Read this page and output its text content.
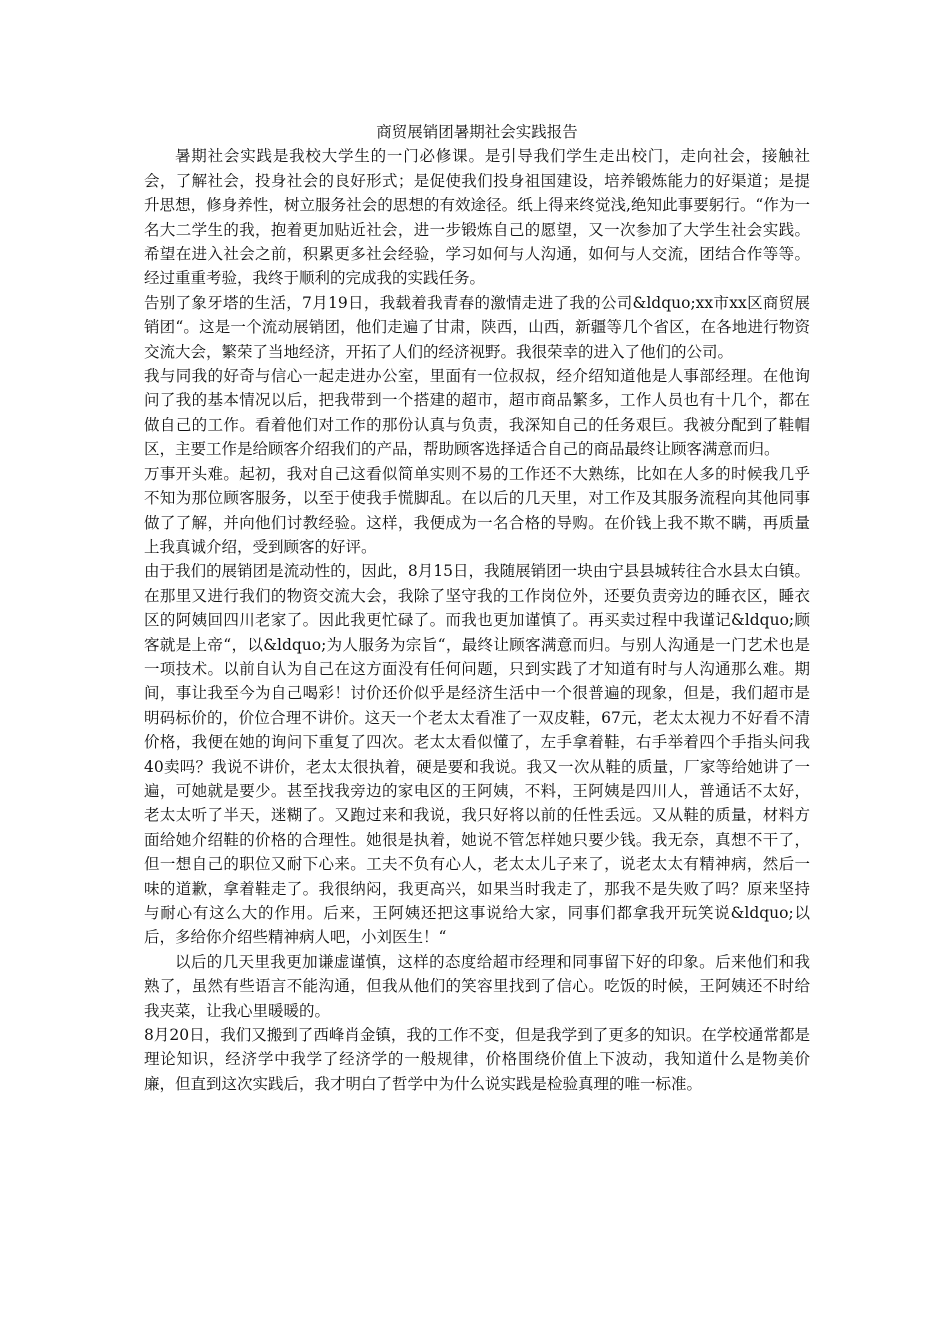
商贸展销团暑期社会实践报告

暑期社会实践是我校大学生的一门必修课。是引导我们学生走出校门，走向社会，接触社会，了解社会，投身社会的良好形式；是促使我们投身祖国建设，培养锻炼能力的好渠道；是提升思想，修身养性，树立服务社会的思想的有效途径。纸上得来终觉浅,绝知此事要躬行。“作为一名大二学生的我，抱着更加贴近社会，进一步锻炼自己的愿望，又一次参加了大学生社会实践。希望在进入社会之前，积累更多社会经验，学习如何与人沟通，如何与人交流，团结合作等等。经过重重考验，我终于顺利的完成我的实践任务。

告别了象牙塔的生活，7月19日，我载着我青春的激情走进了我的公司&ldquo;xx市xx区商贸展销团“。这是一个流动展销团，他们走遍了甘肃，陕西，山西，新疆等几个省区，在各地进行物资交流大会，繁荣了当地经济，开拓了人们的经济视野。我很荣幸的进入了他们的公司。

我与同我的好奇与信心一起走进办公室，里面有一位叔叔，经介绍知道他是人事部经理。在他询问了我的基本情况以后，把我带到一个搭建的超市，超市商品繁多，工作人员也有十几个，都在做自己的工作。看着他们对工作的那份认真与负责，我深知自己的任务艰巨。我被分配到了鞋帽区，主要工作是给顾客介绍我们的产品，帮助顾客选择适合自己的商品最终让顾客满意而归。

万事开头难。起初，我对自己这看似简单实则不易的工作还不大熟练，比如在人多的时候我几乎不知为那位顾客服务，以至于使我手慌脚乱。在以后的几天里，对工作及其服务流程向其他同事做了了解，并向他们讨教经验。这样，我便成为一名合格的导购。在价钱上我不欺不瞒，再质量上我真诚介绍，受到顾客的好评。

由于我们的展销团是流动性的，因此，8月15日，我随展销团一块由宁县县城转往合水县太白镇。在那里又进行我们的物资交流大会，我除了坚守我的工作岗位外，还要负责旁边的睡衣区，睡衣区的阿姨回四川老家了。因此我更忙碌了。而我也更加谨慎了。再买卖过程中我谨记&ldquo;顾客就是上帝“，以&ldquo;为人服务为宗旨“，最终让顾客满意而归。与别人沟通是一门艺术也是一项技术。以前自认为自己在这方面没有任何问题，只到实践了才知道有时与人沟通那么难。期间，事让我至今为自己喝彩！讨价还价似乎是经济生活中一个很普遍的现象，但是，我们超市是明码标价的，价位合理不讲价。这天一个老太太看准了一双皮鞋，67元，老太太视力不好看不清价格，我便在她的询问下重复了四次。老太太看似懂了，左手拿着鞋，右手举着四个手指头问我40卖吗？我说不讲价，老太太很执着，硬是要和我说。我又一次从鞋的质量，厂家等给她讲了一遍，可她就是要少。甚至找我旁边的家电区的王阿姨，不料，王阿姨是四川人，普通话不太好，老太太听了半天，迷糊了。又跑过来和我说，我只好将以前的任性丢远。又从鞋的质量，材料方面给她介绍鞋的价格的合理性。她很是执着，她说不管怎样她只要少钱。我无奈，真想不干了，但一想自己的职位又耐下心来。工夫不负有心人，老太太儿子来了，说老太太有精神病，然后一味的道歉，拿着鞋走了。我很纳闷，我更高兴，如果当时我走了，那我不是失败了吗？原来坚持与耐心有这么大的作用。后来，王阿姨还把这事说给大家，同事们都拿我开玩笑说&ldquo;以后，多给你介绍些精神病人吧，小刘医生！“

以后的几天里我更加谦虚谨慎，这样的态度给超市经理和同事留下好的印象。后来他们和我熟了，虽然有些语言不能沟通，但我从他们的笑容里找到了信心。吃饭的时候，王阿姨还不时给我夹菜，让我心里暖暖的。

8月20日，我们又搬到了西峰肖金镇，我的工作不变，但是我学到了更多的知识。在学校通常都是理论知识，经济学中我学了经济学的一般规律，价格围绕价值上下波动，我知道什么是物美价廉，但直到这次实践后，我才明白了哲学中为什么说实践是检验真理的唯一标准。
